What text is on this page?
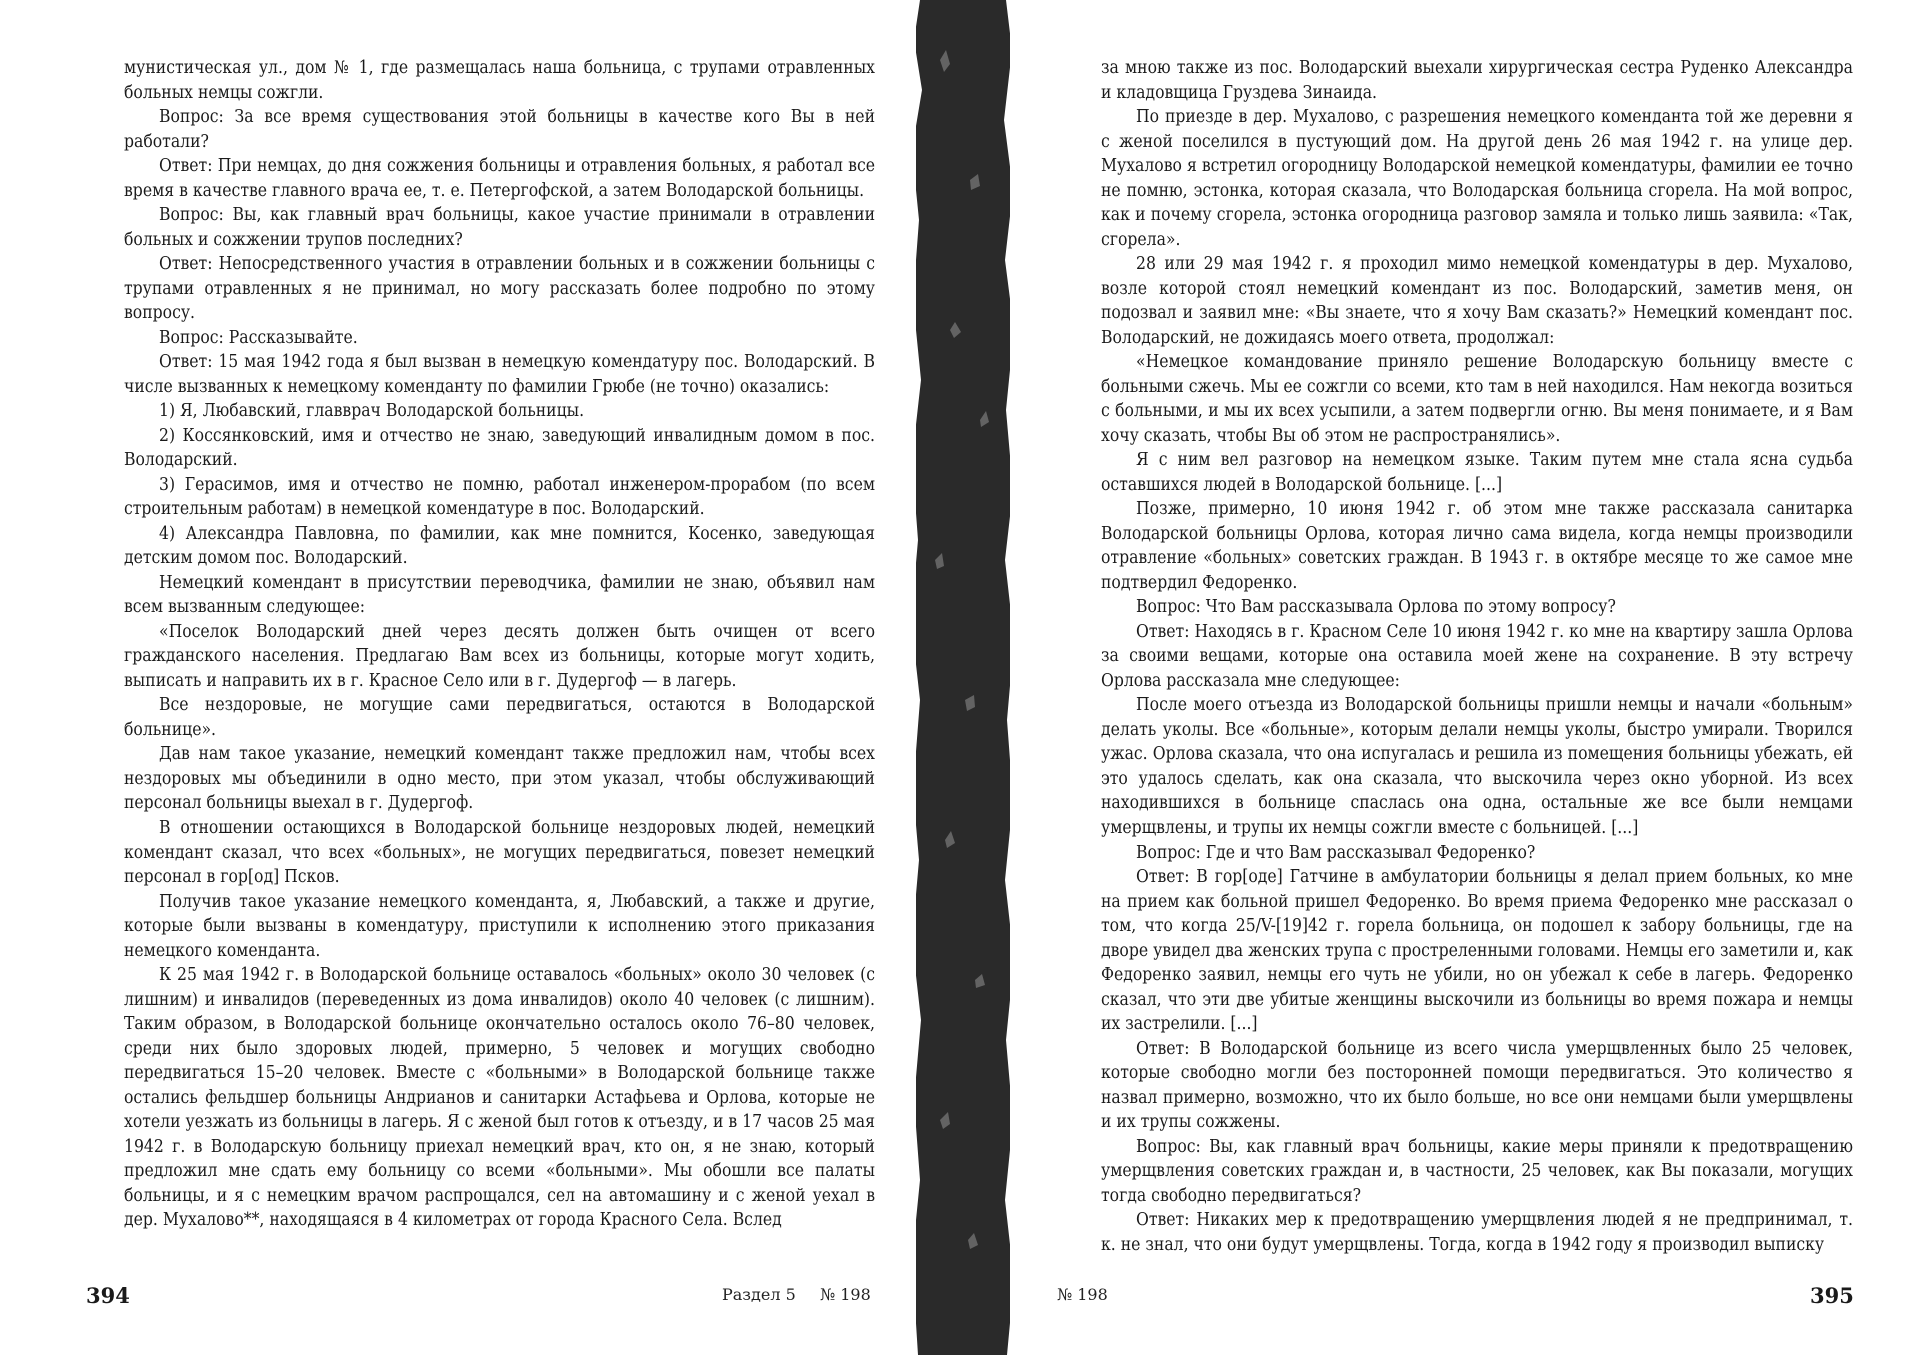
мунистическая ул., дом № 1, где размещалась наша больница, с трупами отравленных больных немцы сожгли.

Вопрос: За все время существования этой больницы в качестве кого Вы в ней работали?

Ответ: При немцах, до дня сожжения больницы и отравления больных, я работал все время в качестве главного врача ее, т. е. Петергофской, а затем Володарской больницы.

Вопрос: Вы, как главный врач больницы, какое участие принимали в отравлении больных и сожжении трупов последних?

Ответ: Непосредственного участия в отравлении больных и в сожжении больницы с трупами отравленных я не принимал, но могу рассказать более подробно по этому вопросу.

Вопрос: Рассказывайте.

Ответ: 15 мая 1942 года я был вызван в немецкую комендатуру пос. Володарский. В числе вызванных к немецкому коменданту по фамилии Грюбе (не точно) оказались:

1) Я, Любавский, главврач Володарской больницы.

2) Коссянковский, имя и отчество не знаю, заведующий инвалидным домом в пос. Володарский.

3) Герасимов, имя и отчество не помню, работал инженером-прорабом (по всем строительным работам) в немецкой комендатуре в пос. Володарский.

4) Александра Павловна, по фамилии, как мне помнится, Косенко, заведующая детским домом пос. Володарский.

Немецкий комендант в присутствии переводчика, фамилии не знаю, объявил нам всем вызванным следующее:

«Поселок Володарский дней через десять должен быть очищен от всего гражданского населения. Предлагаю Вам всех из больницы, которые могут ходить, выписать и направить их в г. Красное Село или в г. Дудергоф — в лагерь.

Все нездоровые, не могущие сами передвигаться, остаются в Володарской больнице».

Дав нам такое указание, немецкий комендант также предложил нам, чтобы всех нездоровых мы объединили в одно место, при этом указал, чтобы обслуживающий персонал больницы выехал в г. Дудергоф.

В отношении остающихся в Володарской больнице нездоровых людей, немецкий комендант сказал, что всех «больных», не могущих передвигаться, повезет немецкий персонал в гор[од] Псков.

Получив такое указание немецкого коменданта, я, Любавский, а также и другие, которые были вызваны в комендатуру, приступили к исполнению этого приказания немецкого коменданта.

К 25 мая 1942 г. в Володарской больнице оставалось «больных» около 30 человек (с лишним) и инвалидов (переведенных из дома инвалидов) около 40 человек (с лишним). Таким образом, в Володарской больнице окончательно осталось около 76–80 человек, среди них было здоровых людей, примерно, 5 человек и могущих свободно передвигаться 15–20 человек. Вместе с «больными» в Володарской больнице также остались фельдшер больницы Андрианов и санитарки Астафьева и Орлова, которые не хотели уезжать из больницы в лагерь. Я с женой был готов к отъезду, и в 17 часов 25 мая 1942 г. в Володарскую больницу приехал немецкий врач, кто он, я не знаю, который предложил мне сдать ему больницу со всеми «больными». Мы обошли все палаты больницы, и я с немецким врачом распрощался, сел на автомашину и с женой уехал в дер. Мухалово**, находящаяся в 4 километрах от города Красного Села. Вслед

за мною также из пос. Володарский выехали хирургическая сестра Руденко Александра и кладовщица Груздева Зинаида.

По приезде в дер. Мухалово, с разрешения немецкого коменданта той же деревни я с женой поселился в пустующий дом. На другой день 26 мая 1942 г. на улице дер. Мухалово я встретил огородницу Володарской немецкой комендатуры, фамилии ее точно не помню, эстонка, которая сказала, что Володарская больница сгорела. На мой вопрос, как и почему сгорела, эстонка огородница разговор замяла и только лишь заявила: «Так, сгорела».

28 или 29 мая 1942 г. я проходил мимо немецкой комендатуры в дер. Мухалово, возле которой стоял немецкий комендант из пос. Володарский, заметив меня, он подозвал и заявил мне: «Вы знаете, что я хочу Вам сказать?» Немецкий комендант пос. Володарский, не дожидаясь моего ответа, продолжал:

«Немецкое командование приняло решение Володарскую больницу вместе с больными сжечь. Мы ее сожгли со всеми, кто там в ней находился. Нам некогда возиться с больными, и мы их всех усыпили, а затем подвергли огню. Вы меня понимаете, и я Вам хочу сказать, чтобы Вы об этом не распространялись».

Я с ним вел разговор на немецком языке. Таким путем мне стала ясна судьба оставшихся людей в Володарской больнице. [...]

Позже, примерно, 10 июня 1942 г. об этом мне также рассказала санитарка Володарской больницы Орлова, которая лично сама видела, когда немцы производили отравление «больных» советских граждан. В 1943 г. в октябре месяце то же самое мне подтвердил Федоренко.

Вопрос: Что Вам рассказывала Орлова по этому вопросу?

Ответ: Находясь в г. Красном Селе 10 июня 1942 г. ко мне на квартиру зашла Орлова за своими вещами, которые она оставила моей жене на сохранение. В эту встречу Орлова рассказала мне следующее:

После моего отъезда из Володарской больницы пришли немцы и начали «больным» делать уколы. Все «больные», которым делали немцы уколы, быстро умирали. Творился ужас. Орлова сказала, что она испугалась и решила из помещения больницы убежать, ей это удалось сделать, как она сказала, что выскочила через окно уборной. Из всех находившихся в больнице спаслась она одна, остальные же все были немцами умерщвлены, и трупы их немцы сожгли вместе с больницей. [...]

Вопрос: Где и что Вам рассказывал Федоренко?

Ответ: В гор[оде] Гатчине в амбулатории больницы я делал прием больных, ко мне на прием как больной пришел Федоренко. Во время приема Федоренко мне рассказал о том, что когда 25/V-[19]42 г. горела больница, он подошел к забору больницы, где на дворе увидел два женских трупа с простреленными головами. Немцы его заметили и, как Федоренко заявил, немцы его чуть не убили, но он убежал к себе в лагерь. Федоренко сказал, что эти две убитые женщины выскочили из больницы во время пожара и немцы их застрелили. [...]

Ответ: В Володарской больнице из всего числа умерщвленных было 25 человек, которые свободно могли без посторонней помощи передвигаться. Это количество я назвал примерно, возможно, что их было больше, но все они немцами были умерщвлены и их трупы сожжены.

Вопрос: Вы, как главный врач больницы, какие меры приняли к предотвращению умерщвления советских граждан и, в частности, 25 человек, как Вы показали, могущих тогда свободно передвигаться?

Ответ: Никаких мер к предотвращению умерщвления людей я не предпринимал, т. к. не знал, что они будут умерщвлены. Тогда, когда в 1942 году я производил выписку

394	Раздел 5 № 198	№ 198	395
